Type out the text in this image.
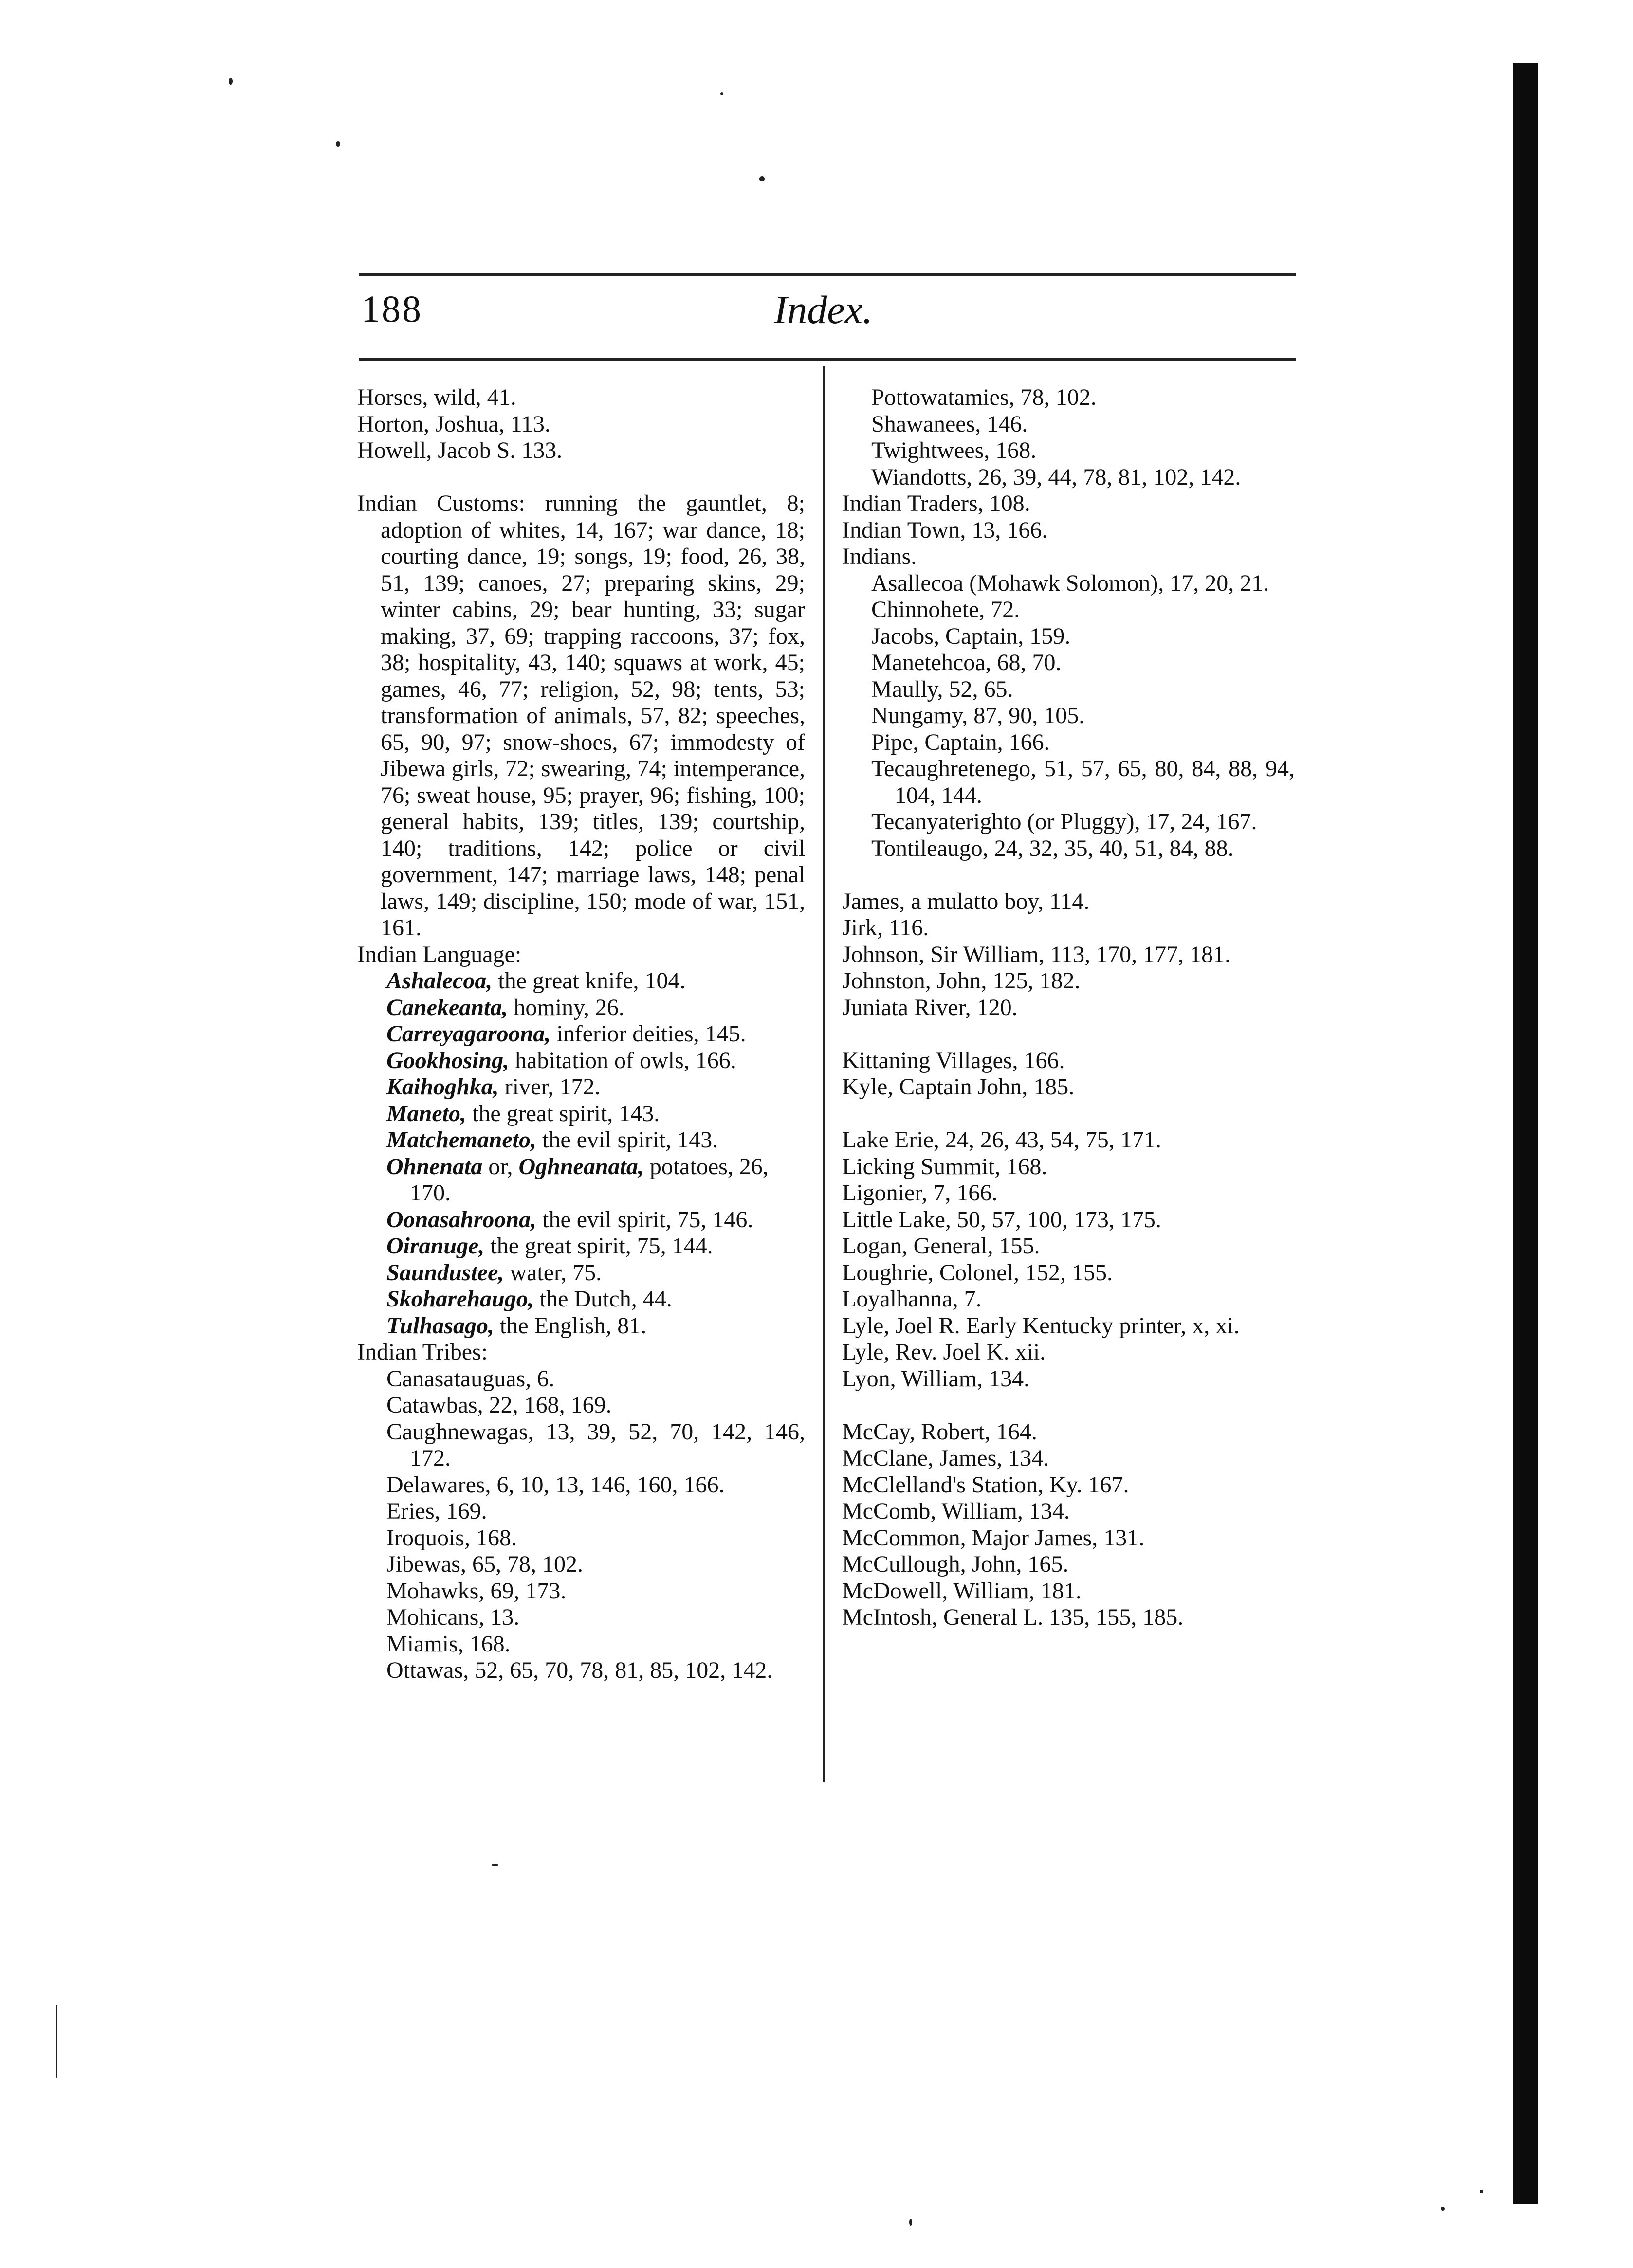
188	Index.

Horses, wild, 41.

Horton, Joshua, 113.

Howell, Jacob S. 133.

Indian Customs: running the gauntlet, 8; adoption of whites, 14, 167; war dance, 18; courting dance, 19; songs, 19; food, 26, 38, 51, 139; canoes, 27; preparing skins, 29; winter cabins, 29; bear hunting, 33; sugar making, 37, 69; trapping raccoons, 37; fox, 38; hospitality, 43, 140; squaws at work, 45; games, 46, 77; religion, 52, 98; tents, 53; transformation of animals, 57, 82; speeches, 65, 90, 97; snow-shoes, 67; immodesty of Jibewa girls, 72; swearing, 74; intemperance, 76; sweat house, 95; prayer, 96; fishing, 100; general habits, 139; titles, 139; courtship, 140; traditions, 142; police or civil government, 147; marriage laws, 148; penal laws, 149; discipline, 150; mode of war, 151, 161.

Indian Language:

Ashalecoa, the great knife, 104.

Canekeanta, hominy, 26.

Carreyagaroona, inferior deities, 145.

Gookhosing, habitation of owls, 166.

Kaihoghka, river, 172.

Maneto, the great spirit, 143.

Matchemaneto, the evil spirit, 143.

Ohnenata or, Oghneanata, potatoes, 26, 170.

Oonasahroona, the evil spirit, 75, 146.

Oiranuge, the great spirit, 75, 144.

Saundustee, water, 75.

Skoharehaugo, the Dutch, 44.

Tulhasago, the English, 81.

Indian Tribes:

Canasatauguas, 6.

Catawbas, 22, 168, 169.

Caughnewagas, 13, 39, 52, 70, 142, 146, 172.

Delawares, 6, 10, 13, 146, 160, 166.

Eries, 169.

Iroquois, 168.

Jibewas, 65, 78, 102.

Mohawks, 69, 173.

Mohicans, 13.

Miamis, 168.

Ottawas, 52, 65, 70, 78, 81, 85, 102, 142.

Pottowatamies, 78, 102.

Shawanees, 146.

Twightwees, 168.

Wiandotts, 26, 39, 44, 78, 81, 102, 142.

Indian Traders, 108.

Indian Town, 13, 166.

Indians.

Asallecoa (Mohawk Solomon), 17, 20, 21.

Chinnohete, 72.

Jacobs, Captain, 159.

Manetehcoa, 68, 70.

Maully, 52, 65.

Nungamy, 87, 90, 105.

Pipe, Captain, 166.

Tecaughretenego, 51, 57, 65, 80, 84, 88, 94, 104, 144.

Tecanyaterighto (or Pluggy), 17, 24, 167.

Tontileaugo, 24, 32, 35, 40, 51, 84, 88.

James, a mulatto boy, 114.

Jirk, 116.

Johnson, Sir William, 113, 170, 177, 181.

Johnston, John, 125, 182.

Juniata River, 120.

Kittaning Villages, 166.

Kyle, Captain John, 185.

Lake Erie, 24, 26, 43, 54, 75, 171.

Licking Summit, 168.

Ligonier, 7, 166.

Little Lake, 50, 57, 100, 173, 175.

Logan, General, 155.

Loughrie, Colonel, 152, 155.

Loyalhanna, 7.

Lyle, Joel R. Early Kentucky printer, x, xi.

Lyle, Rev. Joel K. xii.

Lyon, William, 134.

McCay, Robert, 164.

McClane, James, 134.

McClelland's Station, Ky. 167.

McComb, William, 134.

McCommon, Major James, 131.

McCullough, John, 165.

McDowell, William, 181.

McIntosh, General L. 135, 155, 185.
